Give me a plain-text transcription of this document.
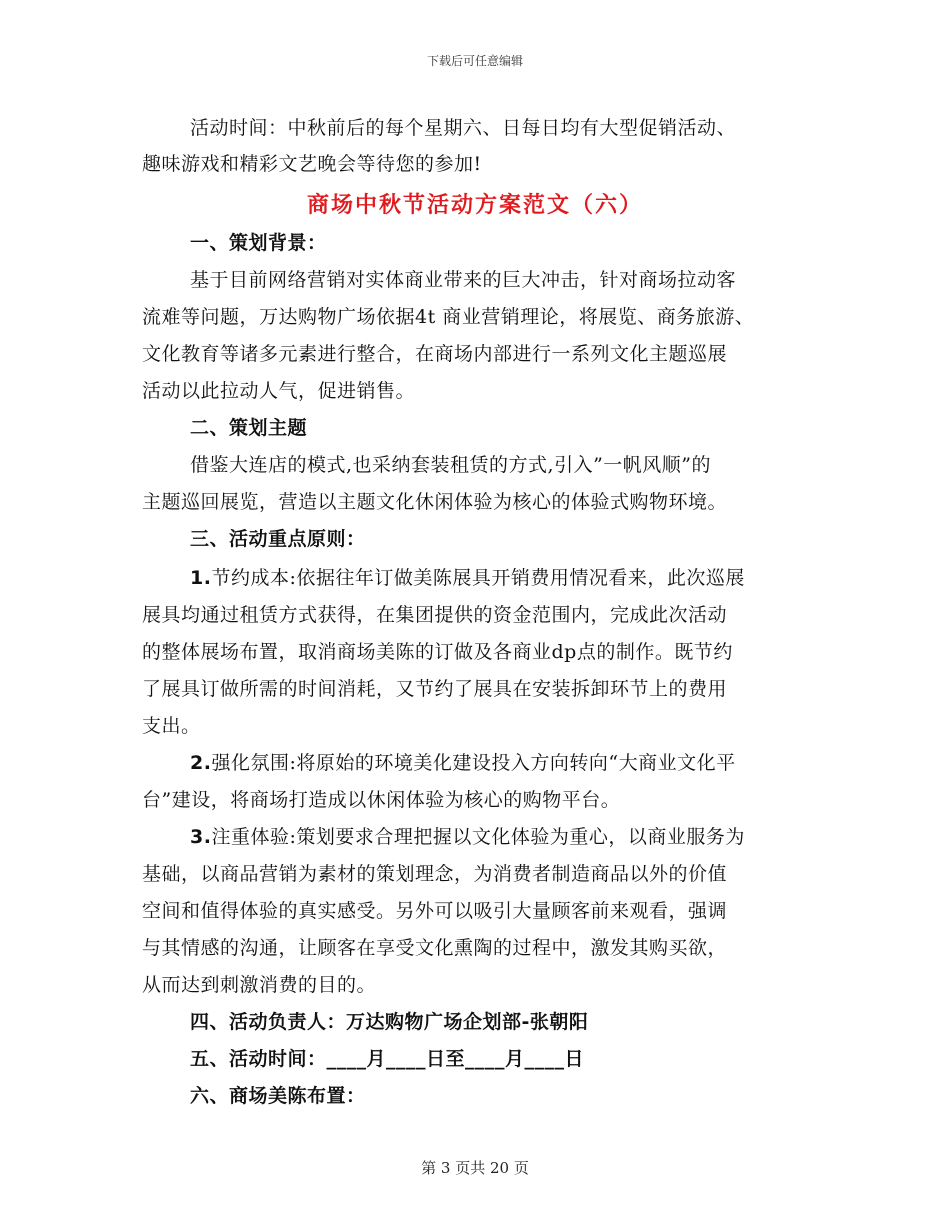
下载后可任意编辑
活动时间：中秋前后的每个星期六、日每日均有大型促销活动、
趣味游戏和精彩文艺晚会等待您的参加!
商场中秋节活动方案范文（六）
一、策划背景：
基于目前网络营销对实体商业带来的巨大冲击，针对商场拉动客
流难等问题，万达购物广场依据4t 商业营销理论，将展览、商务旅游、
文化教育等诸多元素进行整合，在商场内部进行一系列文化主题巡展
活动以此拉动人气，促进销售。
二、策划主题
借鉴大连店的模式,也采纳套装租赁的方式,引入”一帆风顺”的
主题巡回展览，营造以主题文化休闲体验为核心的体验式购物环境。
三、活动重点原则：
1.节约成本:依据往年订做美陈展具开销费用情况看来，此次巡展
展具均通过租赁方式获得，在集团提供的资金范围内，完成此次活动
的整体展场布置，取消商场美陈的订做及各商业dp点的制作。既节约
了展具订做所需的时间消耗，又节约了展具在安装拆卸环节上的费用
支出。
2.强化氛围:将原始的环境美化建设投入方向转向“大商业文化平
台”建设，将商场打造成以休闲体验为核心的购物平台。
3.注重体验:策划要求合理把握以文化体验为重心，以商业服务为
基础，以商品营销为素材的策划理念，为消费者制造商品以外的价值
空间和值得体验的真实感受。另外可以吸引大量顾客前来观看，强调
与其情感的沟通，让顾客在享受文化熏陶的过程中，激发其购买欲，
从而达到刺激消费的目的。
四、活动负责人：万达购物广场企划部-张朝阳
五、活动时间：____月____日至____月____日
六、商场美陈布置：
第 3 页共 20 页
